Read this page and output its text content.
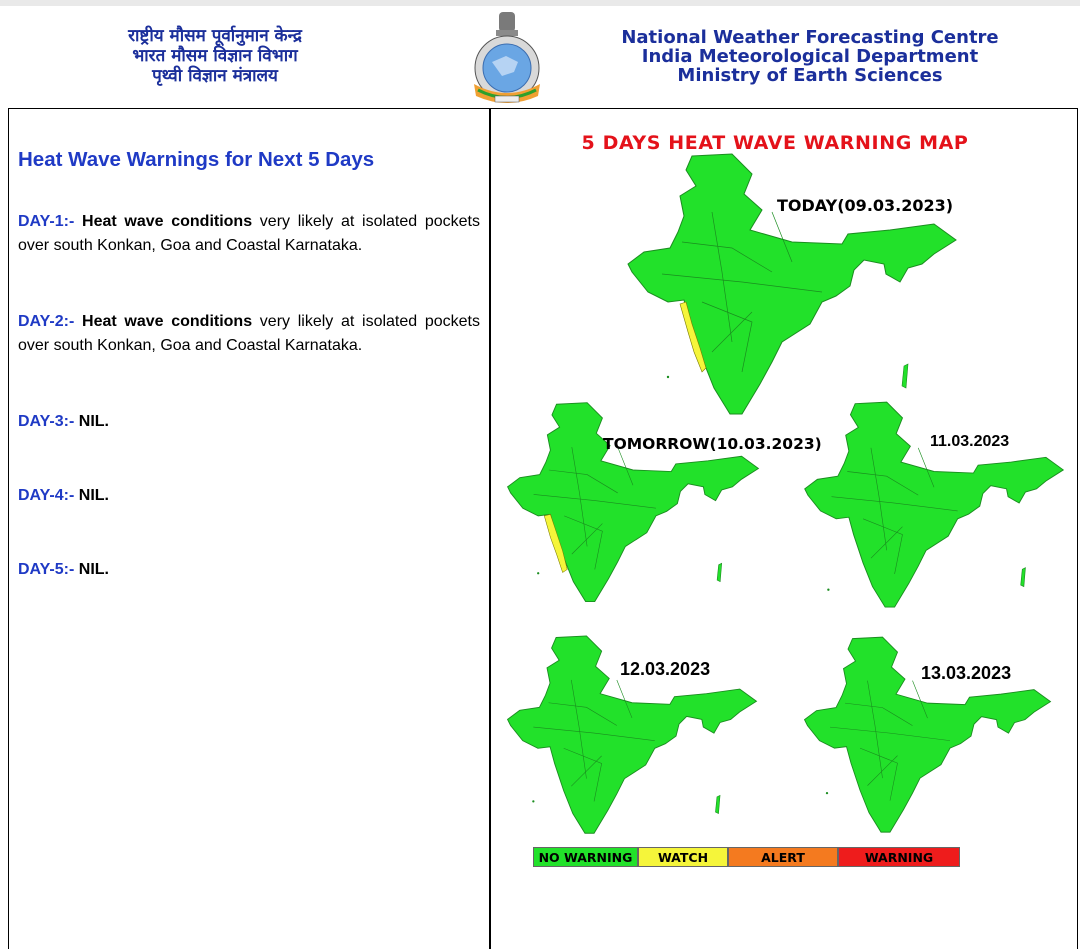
राष्ट्रीय मौसम पूर्वानुमान केन्द्र
भारत मौसम विज्ञान विभाग
पृथ्वी विज्ञान मंत्रालय
National Weather Forecasting Centre
India Meteorological Department
Ministry of Earth Sciences
Heat Wave Warnings for Next 5 Days
DAY-1:- Heat wave conditions very likely at isolated pockets over south Konkan, Goa and Coastal Karnataka.
DAY-2:- Heat wave conditions very likely at isolated pockets over south Konkan, Goa and Coastal Karnataka.
DAY-3:- NIL.
DAY-4:- NIL.
DAY-5:- NIL.
5 DAYS HEAT WAVE WARNING MAP
TODAY(09.03.2023)
TOMORROW(10.03.2023)	11.03.2023
12.03.2023	13.03.2023
NO WARNING	WATCH	ALERT	WARNING
